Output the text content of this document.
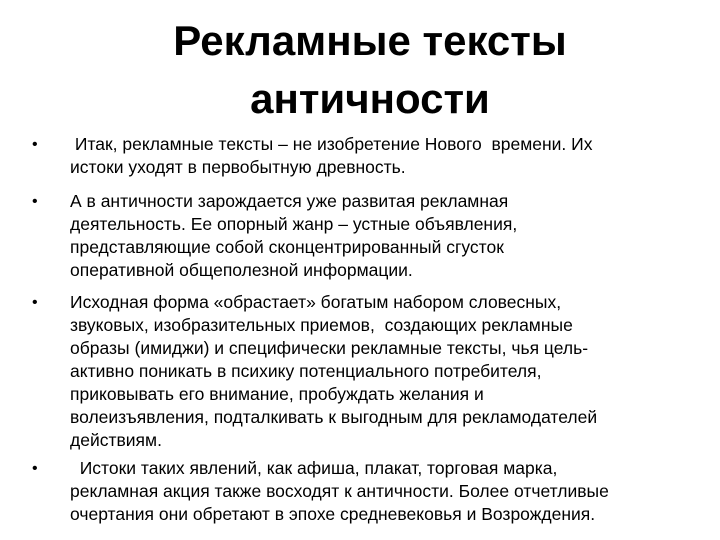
Рекламные тексты
античности
• Итак, рекламные тексты – не изобретение Нового  времени. Их
истоки уходят в первобытную древность.

• А в античности зарождается уже развитая рекламная
деятельность. Ее опорный жанр – устные объявления,
представляющие собой сконцентрированный сгусток
оперативной общеполезной информации.

• Исходная форма «обрастает» богатым набором словесных,
звуковых, изобразительных приемов,  создающих рекламные
образы (имиджи) и специфически рекламные тексты, чья цель-
активно поникать в психику потенциального потребителя,
приковывать его внимание, пробуждать желания и
волеизъявления, подталкивать к выгодным для рекламодателей
действиям.

• Истоки таких явлений, как афиша, плакат, торговая марка,
рекламная акция также восходят к античности. Более отчетливые
очертания они обретают в эпохе средневековья и Возрождения.
